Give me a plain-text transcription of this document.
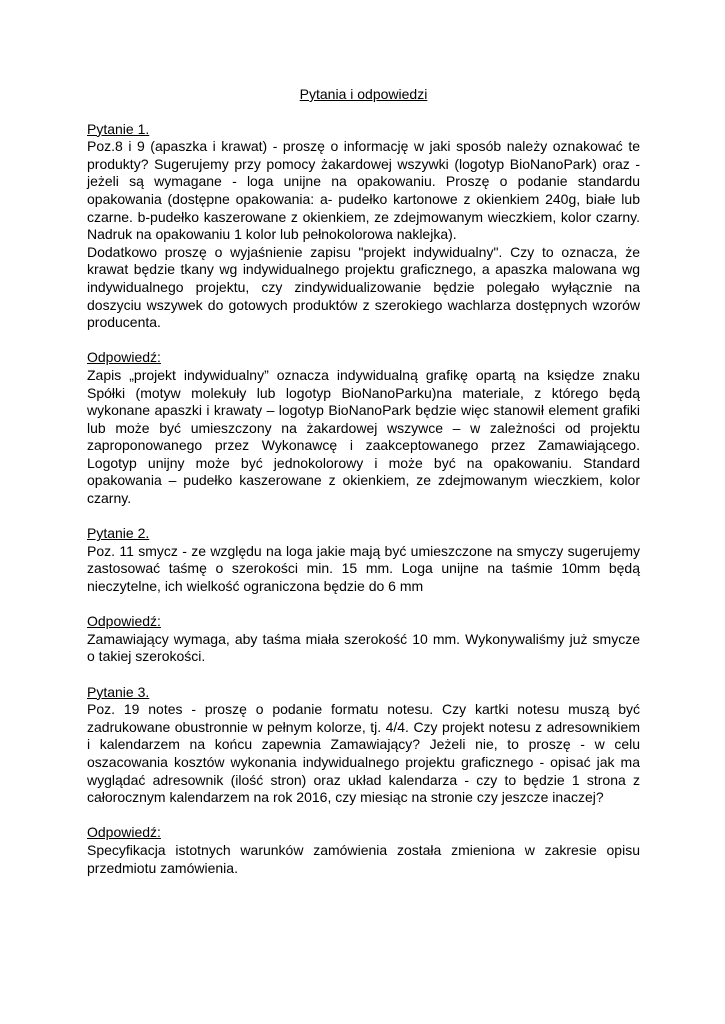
Pytania i odpowiedzi
Pytanie 1.

Poz.8 i 9 (apaszka i krawat) - proszę o informację w jaki sposób należy oznakować te produkty? Sugerujemy przy pomocy żakardowej wszywki (logotyp BioNanoPark) oraz - jeżeli są wymagane - loga unijne na opakowaniu. Proszę o podanie standardu opakowania (dostępne opakowania: a- pudełko kartonowe z okienkiem 240g, białe lub czarne. b-pudełko kaszerowane z okienkiem, ze zdejmowanym wieczkiem, kolor czarny. Nadruk na opakowaniu 1 kolor lub pełnokolorowa naklejka).

Dodatkowo proszę o wyjaśnienie zapisu "projekt indywidualny". Czy to oznacza, że krawat będzie tkany wg indywidualnego projektu graficznego, a apaszka malowana wg indywidualnego projektu, czy zindywidualizowanie będzie polegało wyłącznie na doszyciu wszywek do gotowych produktów z szerokiego wachlarza dostępnych wzorów producenta.

Odpowiedź:

Zapis „projekt indywidualny” oznacza indywidualną grafikę opartą na księdze znaku Spółki (motyw molekuły lub logotyp BioNanoParku)na materiale, z którego będą wykonane apaszki i krawaty – logotyp BioNanoPark będzie więc stanowił element grafiki lub może być umieszczony na żakardowej wszywce – w zależności od projektu zaproponowanego przez Wykonawcę i zaakceptowanego przez Zamawiającego. Logotyp unijny może być jednokolorowy i może być na opakowaniu. Standard opakowania – pudełko kaszerowane z okienkiem, ze zdejmowanym wieczkiem, kolor czarny.

Pytanie 2.

Poz. 11 smycz - ze względu na loga jakie mają być umieszczone na smyczy sugerujemy zastosować taśmę o szerokości min. 15 mm. Loga unijne na taśmie 10mm będą nieczytelne, ich wielkość ograniczona będzie do 6 mm

Odpowiedź:

Zamawiający wymaga, aby taśma miała szerokość 10 mm. Wykonywaliśmy już smycze o takiej szerokości.

Pytanie 3.

Poz. 19 notes - proszę o podanie formatu notesu. Czy kartki notesu muszą być zadrukowane obustronnie w pełnym kolorze, tj. 4/4. Czy projekt notesu z adresownikiem i kalendarzem na końcu zapewnia Zamawiający? Jeżeli nie, to proszę - w celu oszacowania kosztów wykonania indywidualnego projektu graficznego - opisać jak ma wyglądać adresownik (ilość stron) oraz układ kalendarza - czy to będzie 1 strona z całorocznym kalendarzem na rok 2016, czy miesiąc na stronie czy jeszcze inaczej?

Odpowiedź:

Specyfikacja istotnych warunków zamówienia została zmieniona w zakresie opisu przedmiotu zamówienia.
